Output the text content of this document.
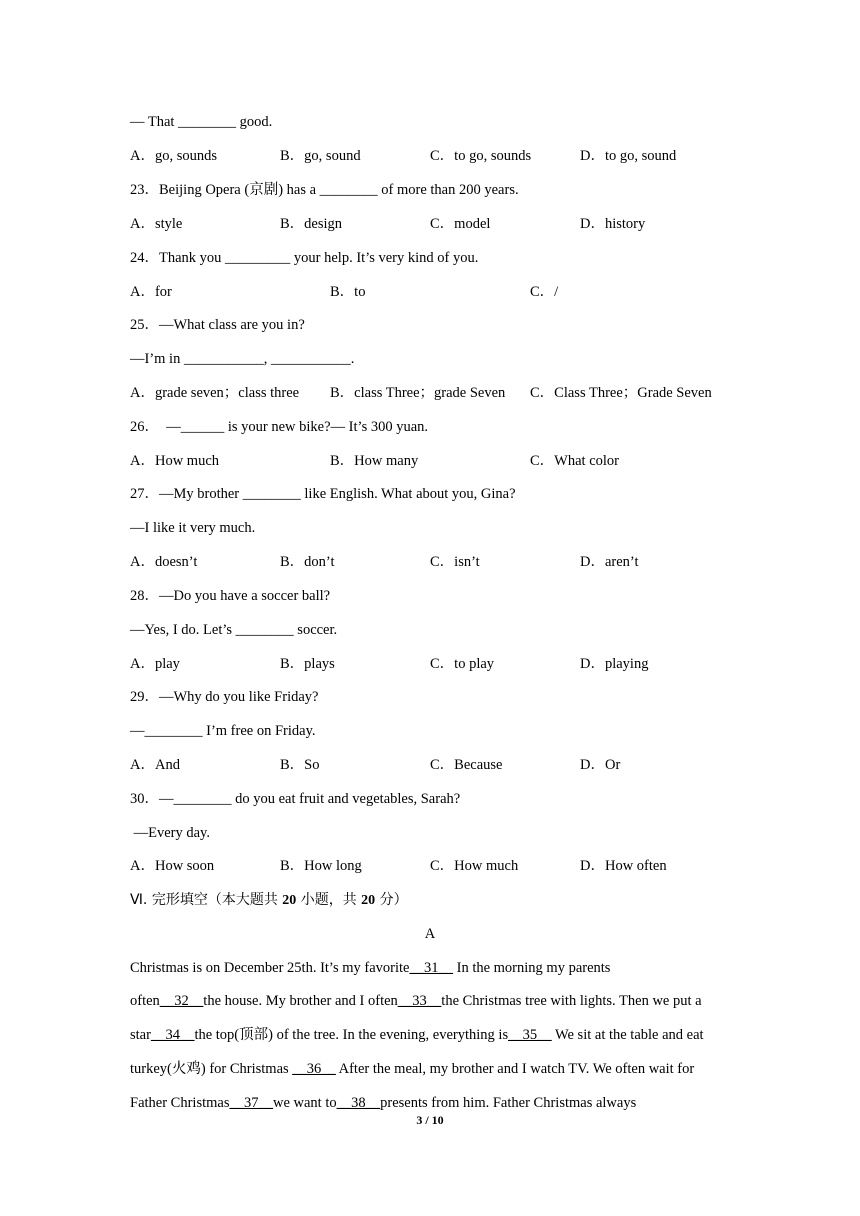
— That ________ good.
A．go, sounds	B．go, sound	C．to go, sounds	D．to go, sound
23．Beijing Opera (京剧) has a ________ of more than 200 years.
A．style	B．design	C．model	D．history
24．Thank you _________ your help. It’s very kind of you.
A．for	B．to	C．/
25．—What class are you in?
—I’m in ___________, ___________.
A．grade seven；class three B．class Three；grade Seven C．Class Three；Grade Seven
26．  —______ is your new bike?— It’s 300 yuan.
A．How much	B．How many	C．What color
27．—My brother ________ like English. What about you, Gina?
—I like it very much.
A．doesn’t	B．don’t	C．isn’t	D．aren’t
28．—Do you have a soccer ball?
—Yes, I do. Let’s ________ soccer.
A．play	B．plays	C．to play	D．playing
29．—Why do you like Friday?
—________ I’m free on Friday.
A．And	B．So	C．Because	D．Or
30．—________ do you eat fruit and vegetables, Sarah?
—Every day.
A．How soon	B．How long	C．How much	D．How often
Ⅵ. 完形填空（本大题共 20 小题，共 20 分）
A
Christmas is on December 25th. It’s my favorite__31__ In the morning my parents
often__32__the house. My brother and I often__33__the Christmas tree with lights. Then we put a
star__34__the top(顶部) of the tree. In the evening, everything is__35__ We sit at the table and eat
turkey(火鸡) for Christmas __36__ After the meal, my brother and I watch TV. We often wait for
Father Christmas__37__we want to__38__presents from him. Father Christmas always
3 / 10
